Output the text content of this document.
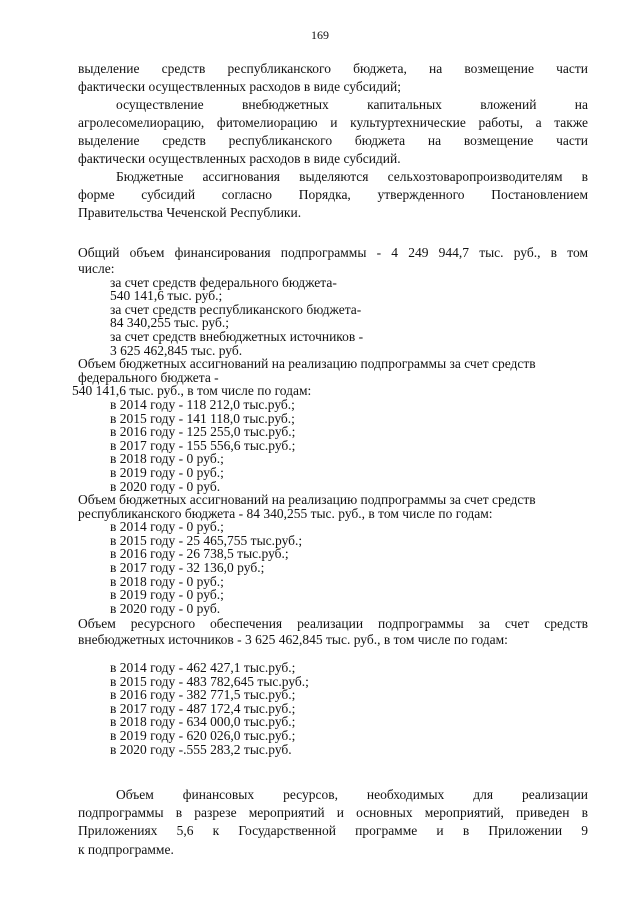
169
выделение средств республиканского бюджета, на возмещение части
фактически осуществленных расходов в виде субсидий;
осуществление внебюджетных капитальных вложений на
агролесомелиорацию, фитомелиорацию и культуртехнические работы, а также
выделение средств республиканского бюджета на возмещение части
фактически осуществленных расходов в виде субсидий.
Бюджетные ассигнования выделяются сельхозтоваропроизводителям в
форме субсидий согласно Порядка, утвержденного Постановлением
Правительства Чеченской Республики.
Общий объем финансирования подпрограммы - 4 249 944,7 тыс. руб., в том
числе:
за счет средств федерального бюджета-
540 141,6 тыс. руб.;
за счет средств республиканского бюджета-
84 340,255 тыс. руб.;
за счет средств внебюджетных источников -
3 625 462,845 тыс. руб.
Объем бюджетных ассигнований на реализацию подпрограммы за счет средств
федерального бюджета -
540 141,6 тыс. руб., в том числе по годам:
в 2014 году - 118 212,0 тыс.руб.;
в 2015 году - 141 118,0 тыс.руб.;
в 2016 году - 125 255,0 тыс.руб.;
в 2017 году - 155 556,6 тыс.руб.;
в 2018 году - 0 руб.;
в 2019 году - 0 руб.;
в 2020 году - 0 руб.
Объем бюджетных ассигнований на реализацию подпрограммы за счет средств
республиканского бюджета - 84 340,255 тыс. руб., в том числе по годам:
в 2014 году - 0 руб.;
в 2015 году - 25 465,755 тыс.руб.;
в 2016 году - 26 738,5 тыс.руб.;
в 2017 году - 32 136,0 руб.;
в 2018 году - 0 руб.;
в 2019 году - 0 руб.;
в 2020 году - 0 руб.
Объем ресурсного обеспечения реализации подпрограммы за счет средств
внебюджетных источников - 3 625 462,845 тыс. руб., в том числе по годам:
в 2014 году - 462 427,1 тыс.руб.;
в 2015 году - 483 782,645 тыс.руб.;
в 2016 году - 382 771,5 тыс.руб.;
в 2017 году - 487 172,4 тыс.руб.;
в 2018 году - 634 000,0 тыс.руб.;
в 2019 году - 620 026,0 тыс.руб.;
в 2020 году -.555 283,2 тыс.руб.
Объем финансовых ресурсов, необходимых для реализации
подпрограммы в разрезе мероприятий и основных мероприятий, приведен в
Приложениях 5,6 к Государственной программе и в Приложении 9
к подпрограмме.
